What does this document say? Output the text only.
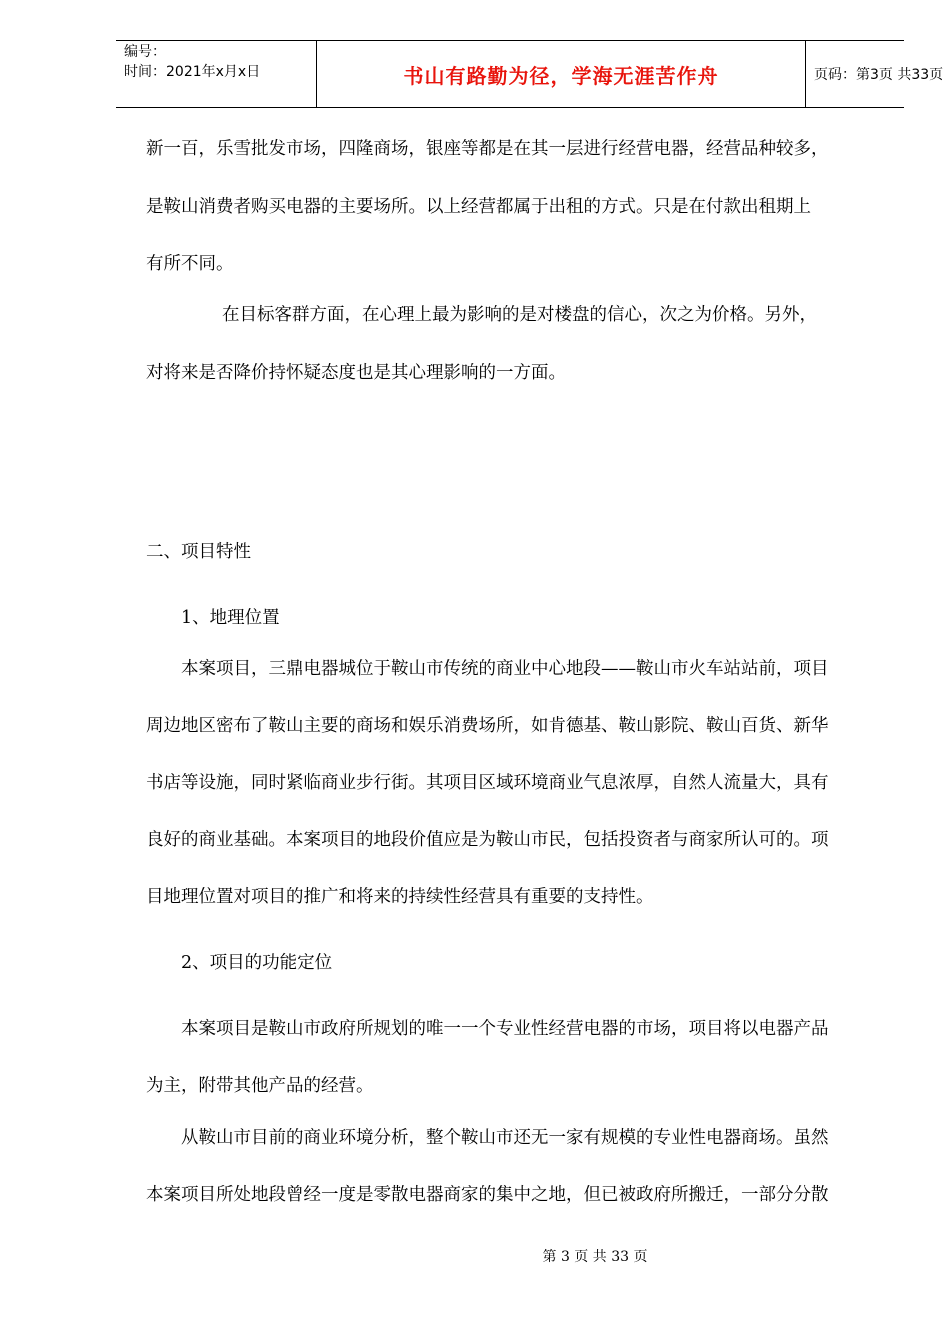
编号：
时间：2021年x月x日	书山有路勤为径，学海无涯苦作舟	页码：第3页 共33页

新一百，乐雪批发市场，四隆商场，银座等都是在其一层进行经营电器，经营品种较多，

是鞍山消费者购买电器的主要场所。以上经营都属于出租的方式。只是在付款出租期上

有所不同。

在目标客群方面，在心理上最为影响的是对楼盘的信心，次之为价格。另外，

对将来是否降价持怀疑态度也是其心理影响的一方面。

二、项目特性

1、地理位置

本案项目，三鼎电器城位于鞍山市传统的商业中心地段——鞍山市火车站站前，项目

周边地区密布了鞍山主要的商场和娱乐消费场所，如肯德基、鞍山影院、鞍山百货、新华

书店等设施，同时紧临商业步行街。其项目区域环境商业气息浓厚，自然人流量大，具有

良好的商业基础。本案项目的地段价值应是为鞍山市民，包括投资者与商家所认可的。项

目地理位置对项目的推广和将来的持续性经营具有重要的支持性。

2、项目的功能定位

本案项目是鞍山市政府所规划的唯一一个专业性经营电器的市场，项目将以电器产品

为主，附带其他产品的经营。

从鞍山市目前的商业环境分析，整个鞍山市还无一家有规模的专业性电器商场。虽然

本案项目所处地段曾经一度是零散电器商家的集中之地，但已被政府所搬迁，一部分分散

第 3 页 共 33 页
